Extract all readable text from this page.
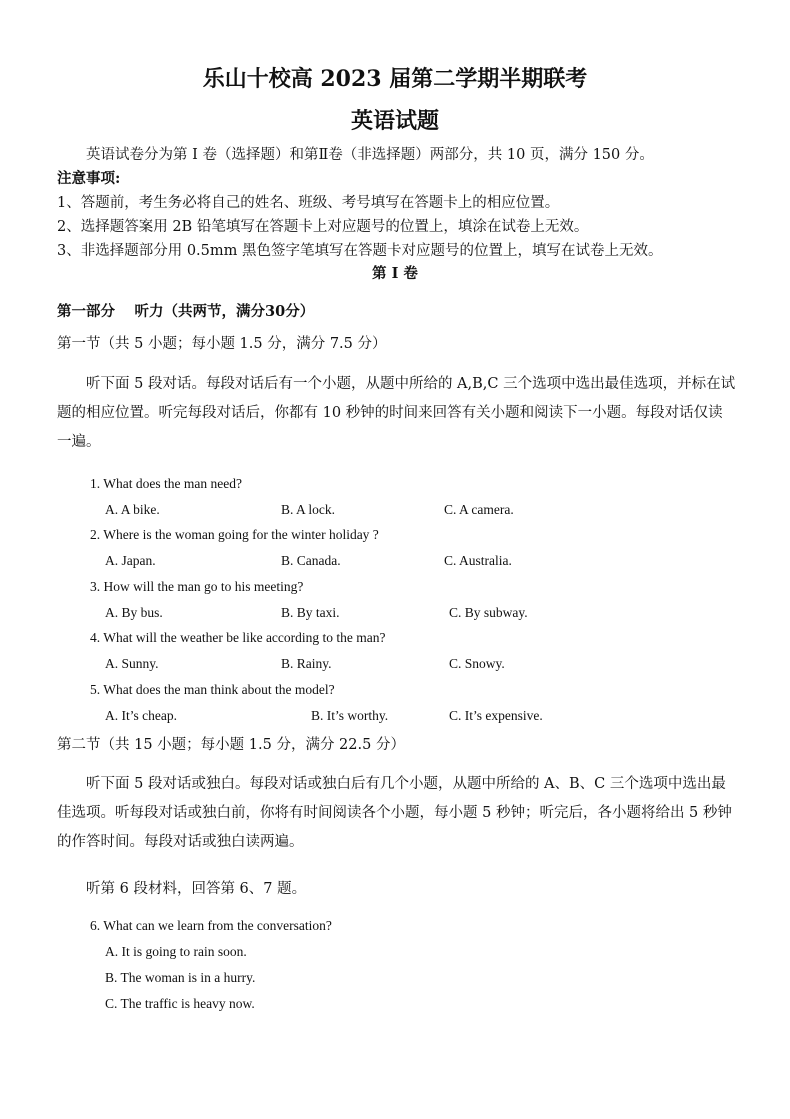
乐山十校高 2023 届第二学期半期联考
英语试题
英语试卷分为第 I 卷（选择题）和第Ⅱ卷（非选择题）两部分，共 10 页，满分 150 分。
注意事项:
1、答题前，考生务必将自己的姓名、班级、考号填写在答题卡上的相应位置。
2、选择题答案用 2B 铅笔填写在答题卡上对应题号的位置上，填涂在试卷上无效。
3、非选择题部分用 0.5mm 黑色签字笔填写在答题卡对应题号的位置上，填写在试卷上无效。
第 I 卷
第一部分　 听力（共两节，满分30分）
第一节（共 5 小题；每小题 1.5 分，满分 7.5 分）
听下面 5 段对话。每段对话后有一个小题，从题中所给的 A,B,C 三个选项中选出最佳选项，并标在试题的相应位置。听完每段对话后，你都有 10 秒钟的时间来回答有关小题和阅读下一小题。每段对话仅读一遍。
1. What does the man need?
A. A bike.	B. A lock.	C. A camera.
2. Where is the woman going for the winter holiday ?
A. Japan.	B. Canada.	C. Australia.
3. How will the man go to his meeting?
A. By bus.	B. By taxi.	C. By subway.
4. What will the weather be like according to the man?
A. Sunny.	B. Rainy.	C. Snowy.
5. What does the man think about the model?
A. It’s cheap.	B. It’s worthy.	C. It’s expensive.
第二节（共 15 小题；每小题 1.5 分，满分 22.5 分）
听下面 5 段对话或独白。每段对话或独白后有几个小题，从题中所给的 A、B、C 三个选项中选出最佳选项。听每段对话或独白前，你将有时间阅读各个小题，每小题 5 秒钟；听完后，各小题将给出 5 秒钟的作答时间。每段对话或独白读两遍。
听第 6 段材料，回答第 6、7 题。
6. What can we learn from the conversation?
A. It is going to rain soon.
B. The woman is in a hurry.
C. The traffic is heavy now.
